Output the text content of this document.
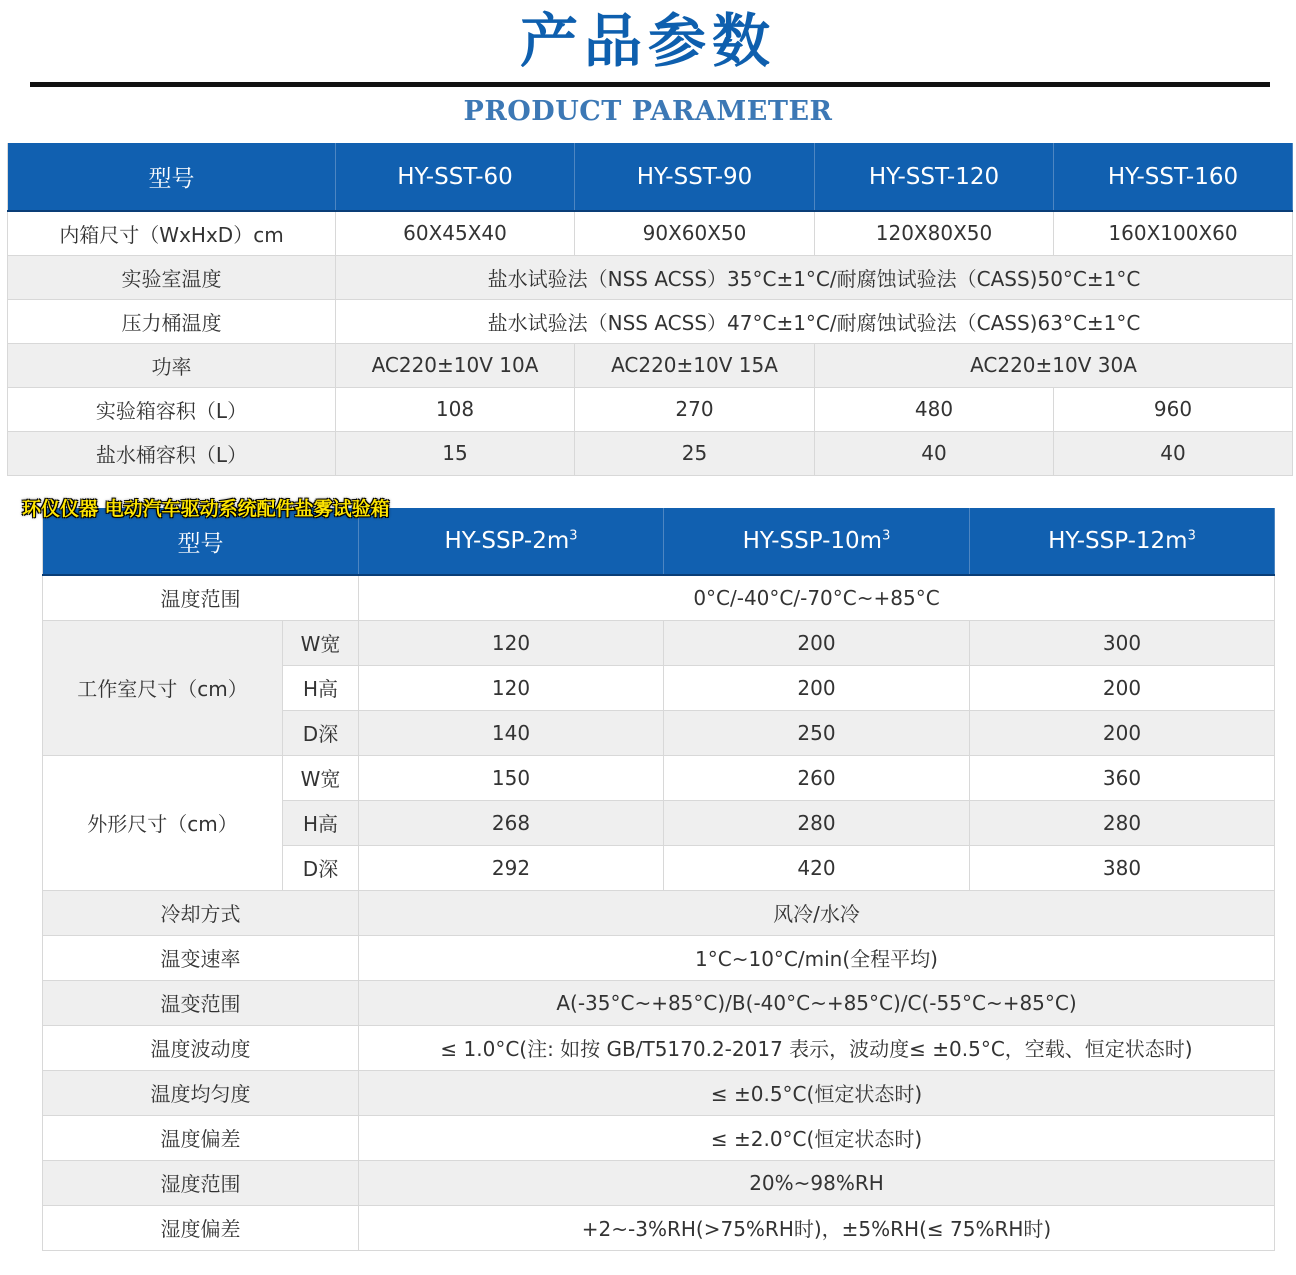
产品参数
PRODUCT PARAMETER
型号	HY-SST-60	HY-SST-90	HY-SST-120	HY-SST-160
内箱尺寸（WxHxD）cm	60X45X40	90X60X50	120X80X50	160X100X60
实验室温度	盐水试验法（NSS ACSS）35°C±1°C/耐腐蚀试验法（CASS)50°C±1°C			
压力桶温度	盐水试验法（NSS ACSS）47°C±1°C/耐腐蚀试验法（CASS)63°C±1°C			
功率	AC220±10V 10A	AC220±10V 15A	AC220±10V 30A	
实验箱容积（L）	108	270	480	960
盐水桶容积（L）	15	25	40	40
环仪仪器 电动汽车驱动系统配件盐雾试验箱
型号		$HY-SSP-2m^3$	$HY-SSP-10m^3$	$HY-SSP-12m^3$
温度范围		0°C/-40°C/-70°C~+85°C		
工作室尺寸（cm）	W宽	120	200	300
	H高	120	200	200
	D深	140	250	200
外形尺寸（cm）	W宽	150	260	360
	H高	268	280	280
	D深	292	420	380
冷却方式		风冷/水冷		
温变速率		1°C~10°C/min(全程平均)		
温变范围		A(-35°C~+85°C)/B(-40°C~+85°C)/C(-55°C~+85°C)		
温度波动度		≤ 1.0°C(注: 如按 GB/T5170.2-2017 表示，波动度≤ ±0.5°C，空载、恒定状态时)		
温度均匀度		≤ ±0.5°C(恒定状态时)		
温度偏差		≤ ±2.0°C(恒定状态时)		
湿度范围		20%~98%RH		
湿度偏差		+2~-3%RH(>75%RH时)，±5%RH(≤ 75%RH时)		
